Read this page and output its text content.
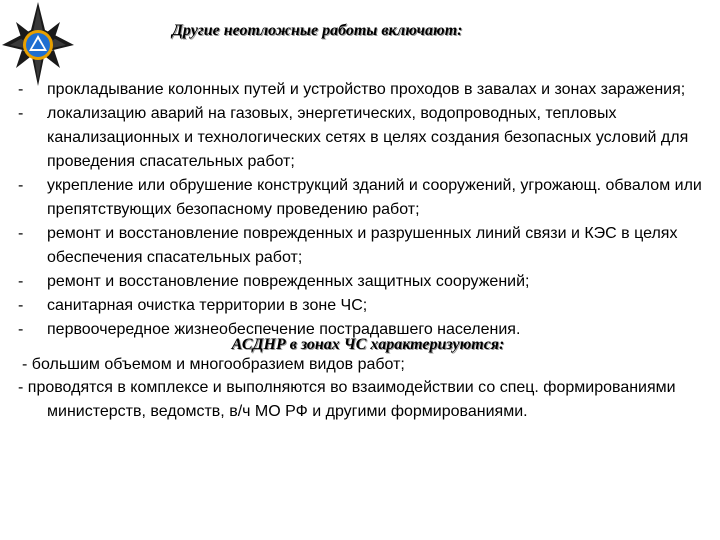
Другие неотложные работы включают:
- прокладывание колонных путей и устройство проходов в завалах и зонах заражения;
- локализацию аварий на газовых, энергетических, водопроводных, тепловых канализационных и технологических сетях в целях создания безопасных условий для проведения спасательных работ;
- укрепление или обрушение конструкций зданий и сооружений, угрожающ. обвалом или препятствующих безопасному проведению работ;
- ремонт и восстановление поврежденных и разрушенных линий связи и КЭС в целях обеспечения спасательных работ;
- ремонт и восстановление поврежденных защитных сооружений;
- санитарная очистка территории в зоне ЧС;
- первоочередное жизнеобеспечение пострадавшего населения.
АСДНР в зонах ЧС характеризуются:
- большим объемом и многообразием видов работ;
- проводятся в комплексе и выполняются во взаимодействии со спец. формированиями министерств, ведомств, в/ч МО РФ и другими формированиями.
